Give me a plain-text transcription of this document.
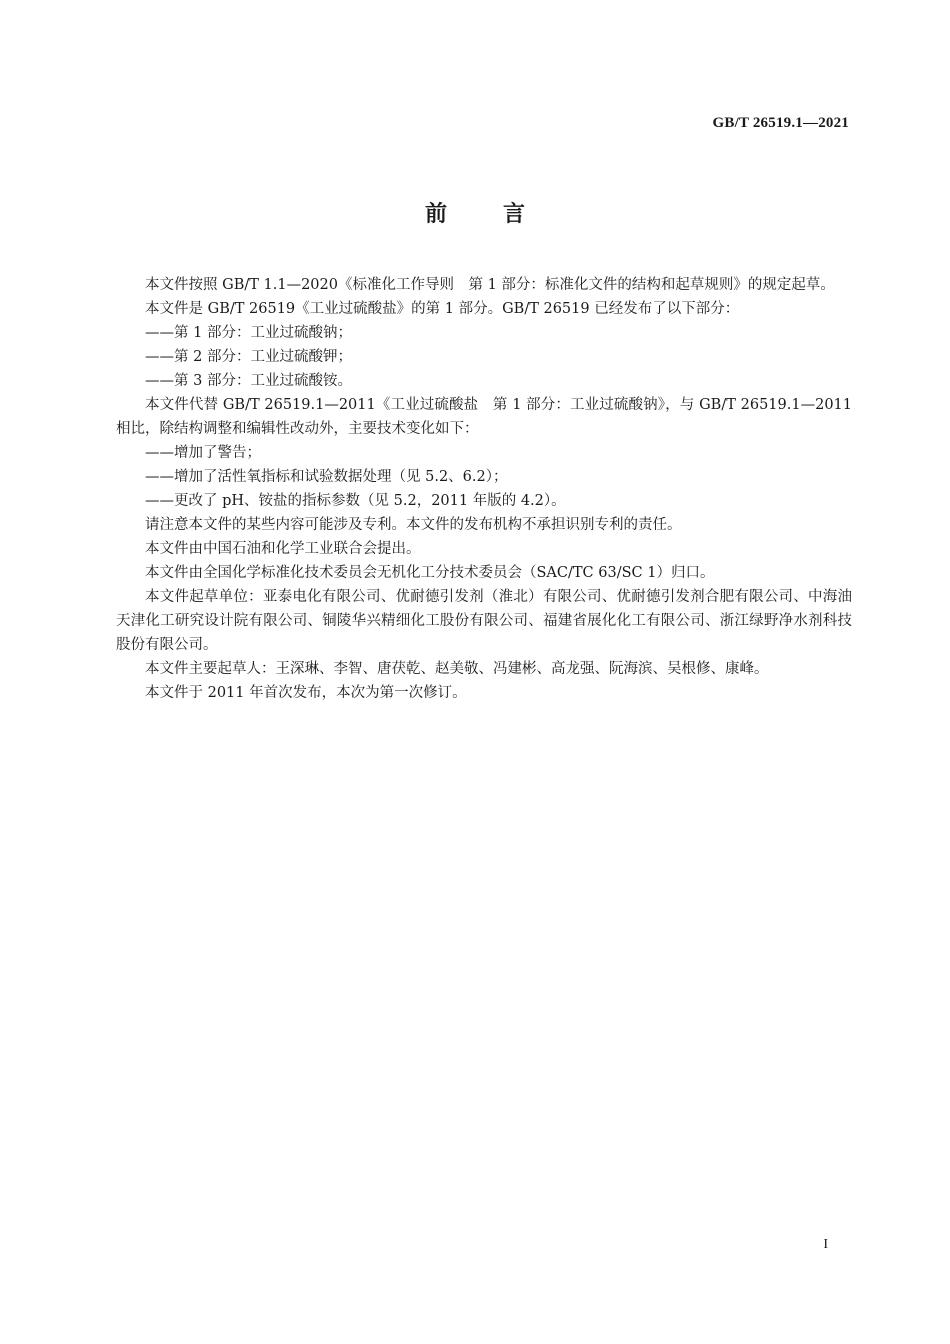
GB/T 26519.1—2021
前言

本文件按照 GB/T 1.1—2020《标准化工作导则　第 1 部分：标准化文件的结构和起草规则》的规定起草。

本文件是 GB/T 26519《工业过硫酸盐》的第 1 部分。GB/T 26519 已经发布了以下部分：

——第 1 部分：工业过硫酸钠；

——第 2 部分：工业过硫酸钾；

——第 3 部分：工业过硫酸铵。

本文件代替 GB/T 26519.1—2011《工业过硫酸盐　第 1 部分：工业过硫酸钠》，与 GB/T 26519.1—2011 相比，除结构调整和编辑性改动外，主要技术变化如下：

——增加了警告；

——增加了活性氧指标和试验数据处理（见 5.2、6.2）；

——更改了 pH、铵盐的指标参数（见 5.2，2011 年版的 4.2）。

请注意本文件的某些内容可能涉及专利。本文件的发布机构不承担识别专利的责任。

本文件由中国石油和化学工业联合会提出。

本文件由全国化学标准化技术委员会无机化工分技术委员会（SAC/TC 63/SC 1）归口。

本文件起草单位：亚泰电化有限公司、优耐德引发剂（淮北）有限公司、优耐德引发剂合肥有限公司、中海油天津化工研究设计院有限公司、铜陵华兴精细化工股份有限公司、福建省展化化工有限公司、浙江绿野净水剂科技股份有限公司。

本文件主要起草人：王深琳、李智、唐茯乾、赵美敬、冯建彬、高龙强、阮海滨、吴根修、康峰。

本文件于 2011 年首次发布，本次为第一次修订。

I
